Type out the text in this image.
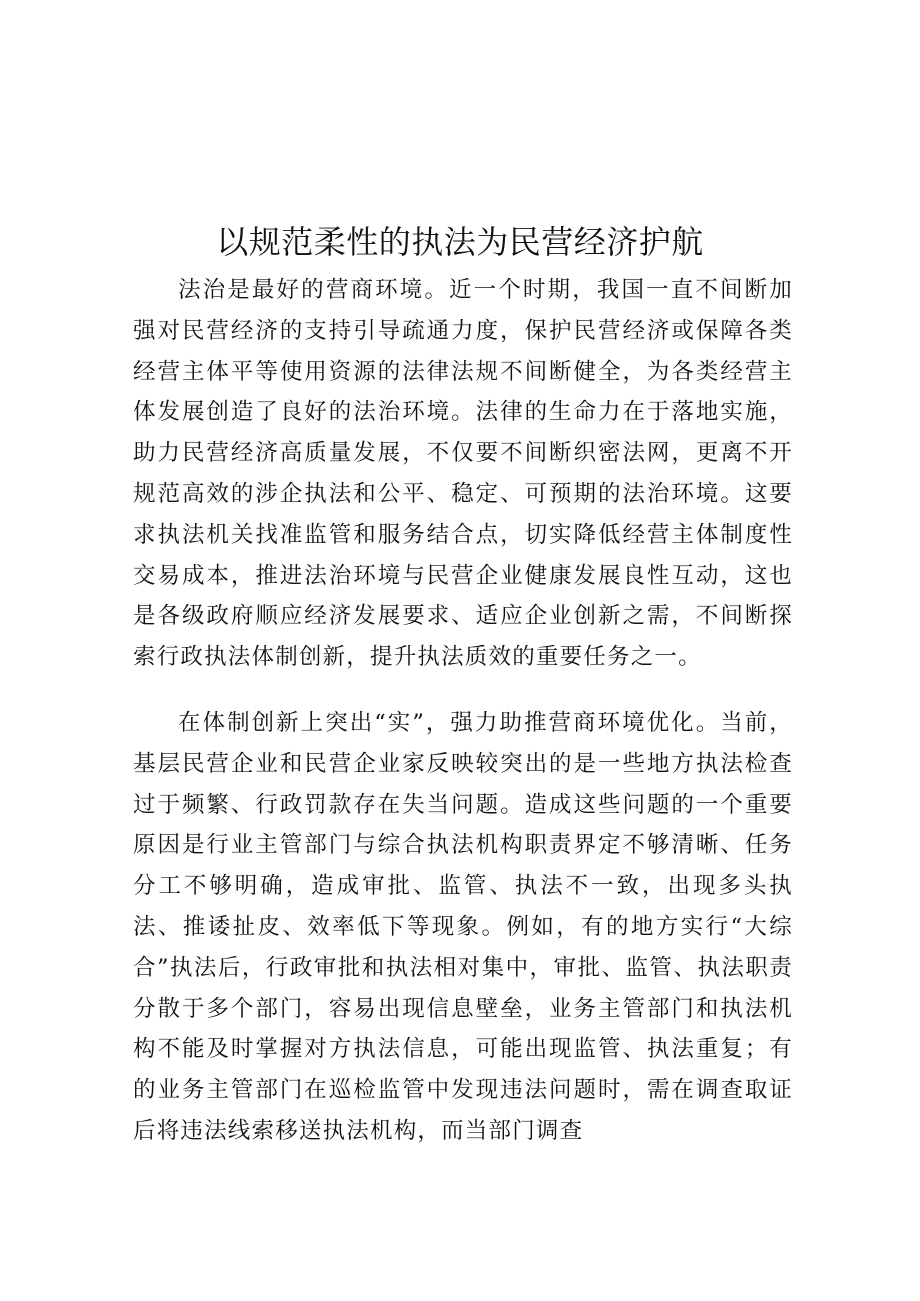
以规范柔性的执法为民营经济护航

法治是最好的营商环境。近一个时期，我国一直不间断加强对民营经济的支持引导疏通力度，保护民营经济或保障各类经营主体平等使用资源的法律法规不间断健全，为各类经营主体发展创造了良好的法治环境。法律的生命力在于落地实施，助力民营经济高质量发展，不仅要不间断织密法网，更离不开规范高效的涉企执法和公平、稳定、可预期的法治环境。这要求执法机关找准监管和服务结合点，切实降低经营主体制度性交易成本，推进法治环境与民营企业健康发展良性互动，这也是各级政府顺应经济发展要求、适应企业创新之需，不间断探索行政执法体制创新，提升执法质效的重要任务之一。

在体制创新上突出“实”，强力助推营商环境优化。当前，基层民营企业和民营企业家反映较突出的是一些地方执法检查过于频繁、行政罚款存在失当问题。造成这些问题的一个重要原因是行业主管部门与综合执法机构职责界定不够清晰、任务分工不够明确，造成审批、监管、执法不一致，出现多头执法、推诿扯皮、效率低下等现象。例如，有的地方实行“大综合”执法后，行政审批和执法相对集中，审批、监管、执法职责分散于多个部门，容易出现信息壁垒，业务主管部门和执法机构不能及时掌握对方执法信息，可能出现监管、执法重复；有的业务主管部门在巡检监管中发现违法问题时，需在调查取证后将违法线索移送执法机构，而当部门调查
